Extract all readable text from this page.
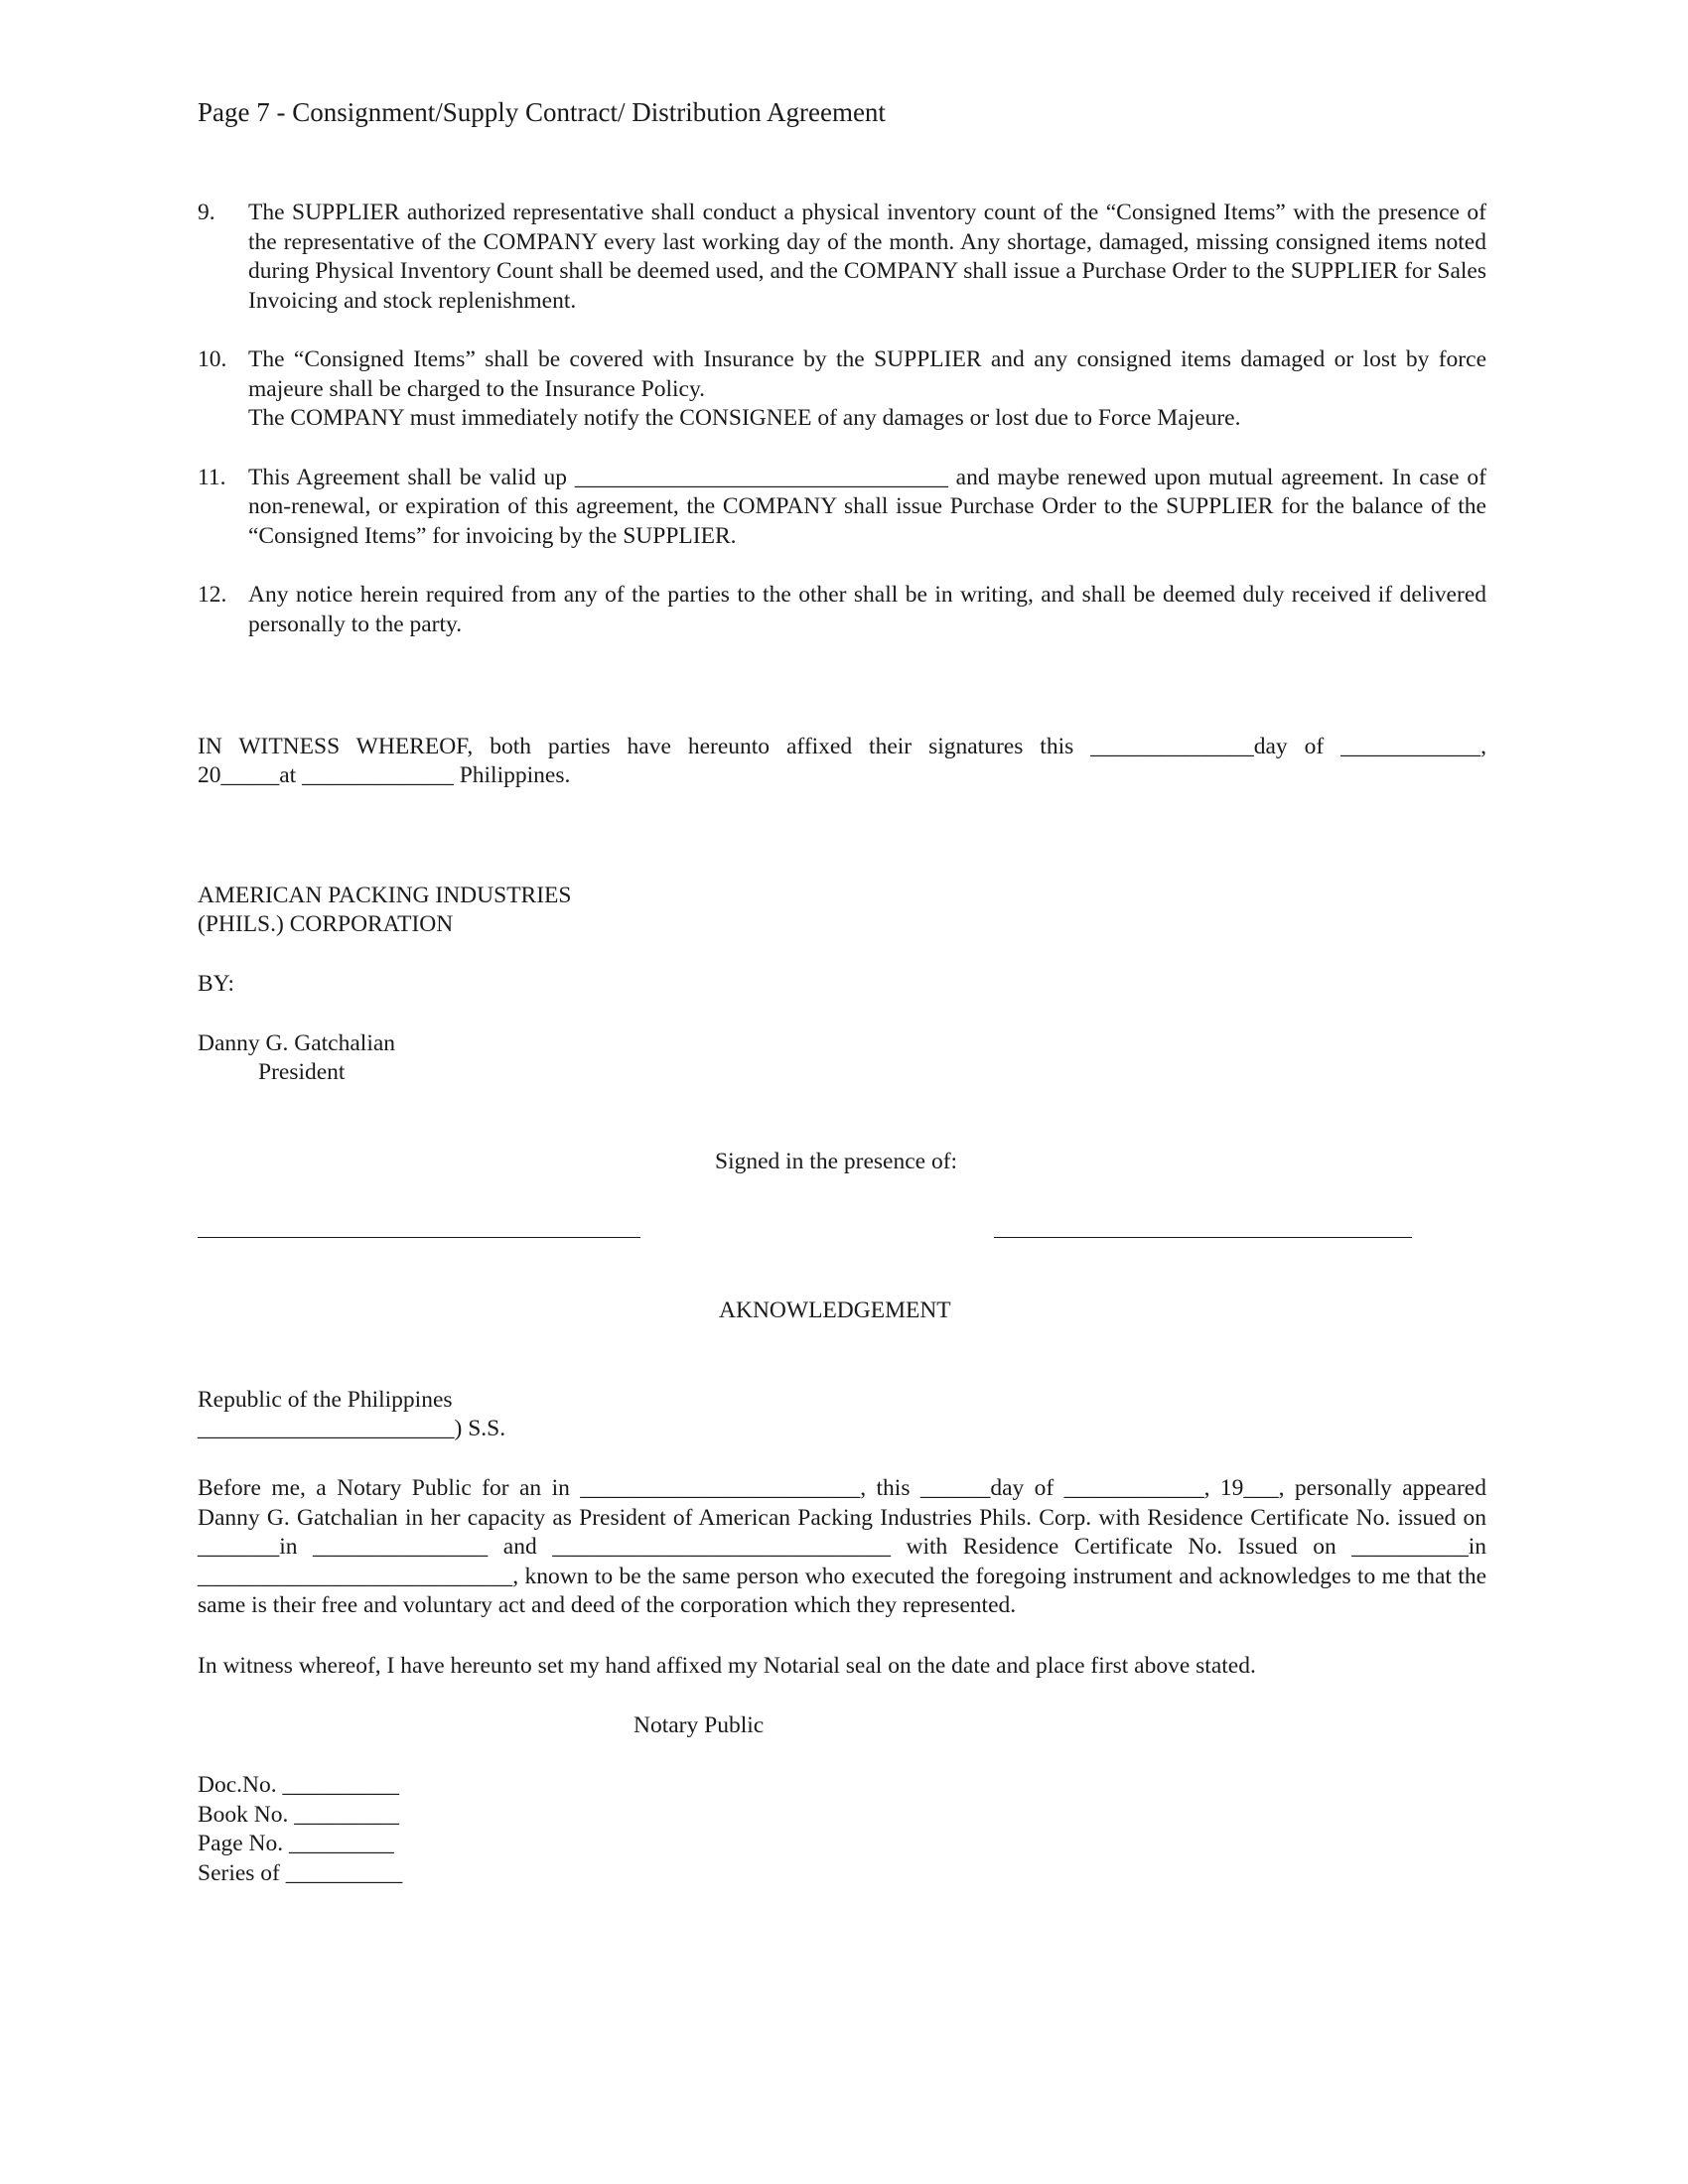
Page 7 - Consignment/Supply Contract/ Distribution Agreement
9.	The SUPPLIER authorized representative shall conduct a physical inventory count of the “Consigned Items” with the presence of the representative of the COMPANY every last working day of the month. Any shortage, damaged, missing consigned items noted during Physical Inventory Count shall be deemed used, and the COMPANY shall issue a Purchase Order to the SUPPLIER for Sales Invoicing and stock replenishment.

10. The “Consigned Items” shall be covered with Insurance by the SUPPLIER and any consigned items damaged or lost by force majeure shall be charged to the Insurance Policy.

The COMPANY must immediately notify the CONSIGNEE of any damages or lost due to Force Majeure.

11. This Agreement shall be valid up ________________________________ and maybe renewed upon mutual agreement. In case of non-renewal, or expiration of this agreement, the COMPANY shall issue Purchase Order to the SUPPLIER for the balance of the “Consigned Items” for invoicing by the SUPPLIER.

12. Any notice herein required from any of the parties to the other shall be in writing, and shall be deemed duly received if delivered personally to the party.

IN WITNESS WHEREOF, both parties have hereunto affixed their signatures this ______________day of ____________,
20_____at _____________ Philippines.
AMERICAN PACKING INDUSTRIES
(PHILS.) CORPORATION
BY:
Danny G. Gatchalian
President
Signed in the presence of:
AKNOWLEDGEMENT
Republic of the Philippines
______________________) S.S.
Before me, a Notary Public for an in ________________________, this ______day of ____________, 19___, personally appeared Danny G. Gatchalian in her capacity as President of American Packing Industries Phils. Corp. with Residence Certificate No. issued on _______in _______________ and _____________________________ with Residence Certificate No. Issued on __________in ___________________________, known to be the same person who executed the foregoing instrument and acknowledges to me that the same is their free and voluntary act and deed of the corporation which they represented.
In witness whereof, I have hereunto set my hand affixed my Notarial seal on the date and place first above stated.
Notary Public
Doc.No. __________
Book No. _________
Page No. _________
Series of __________
